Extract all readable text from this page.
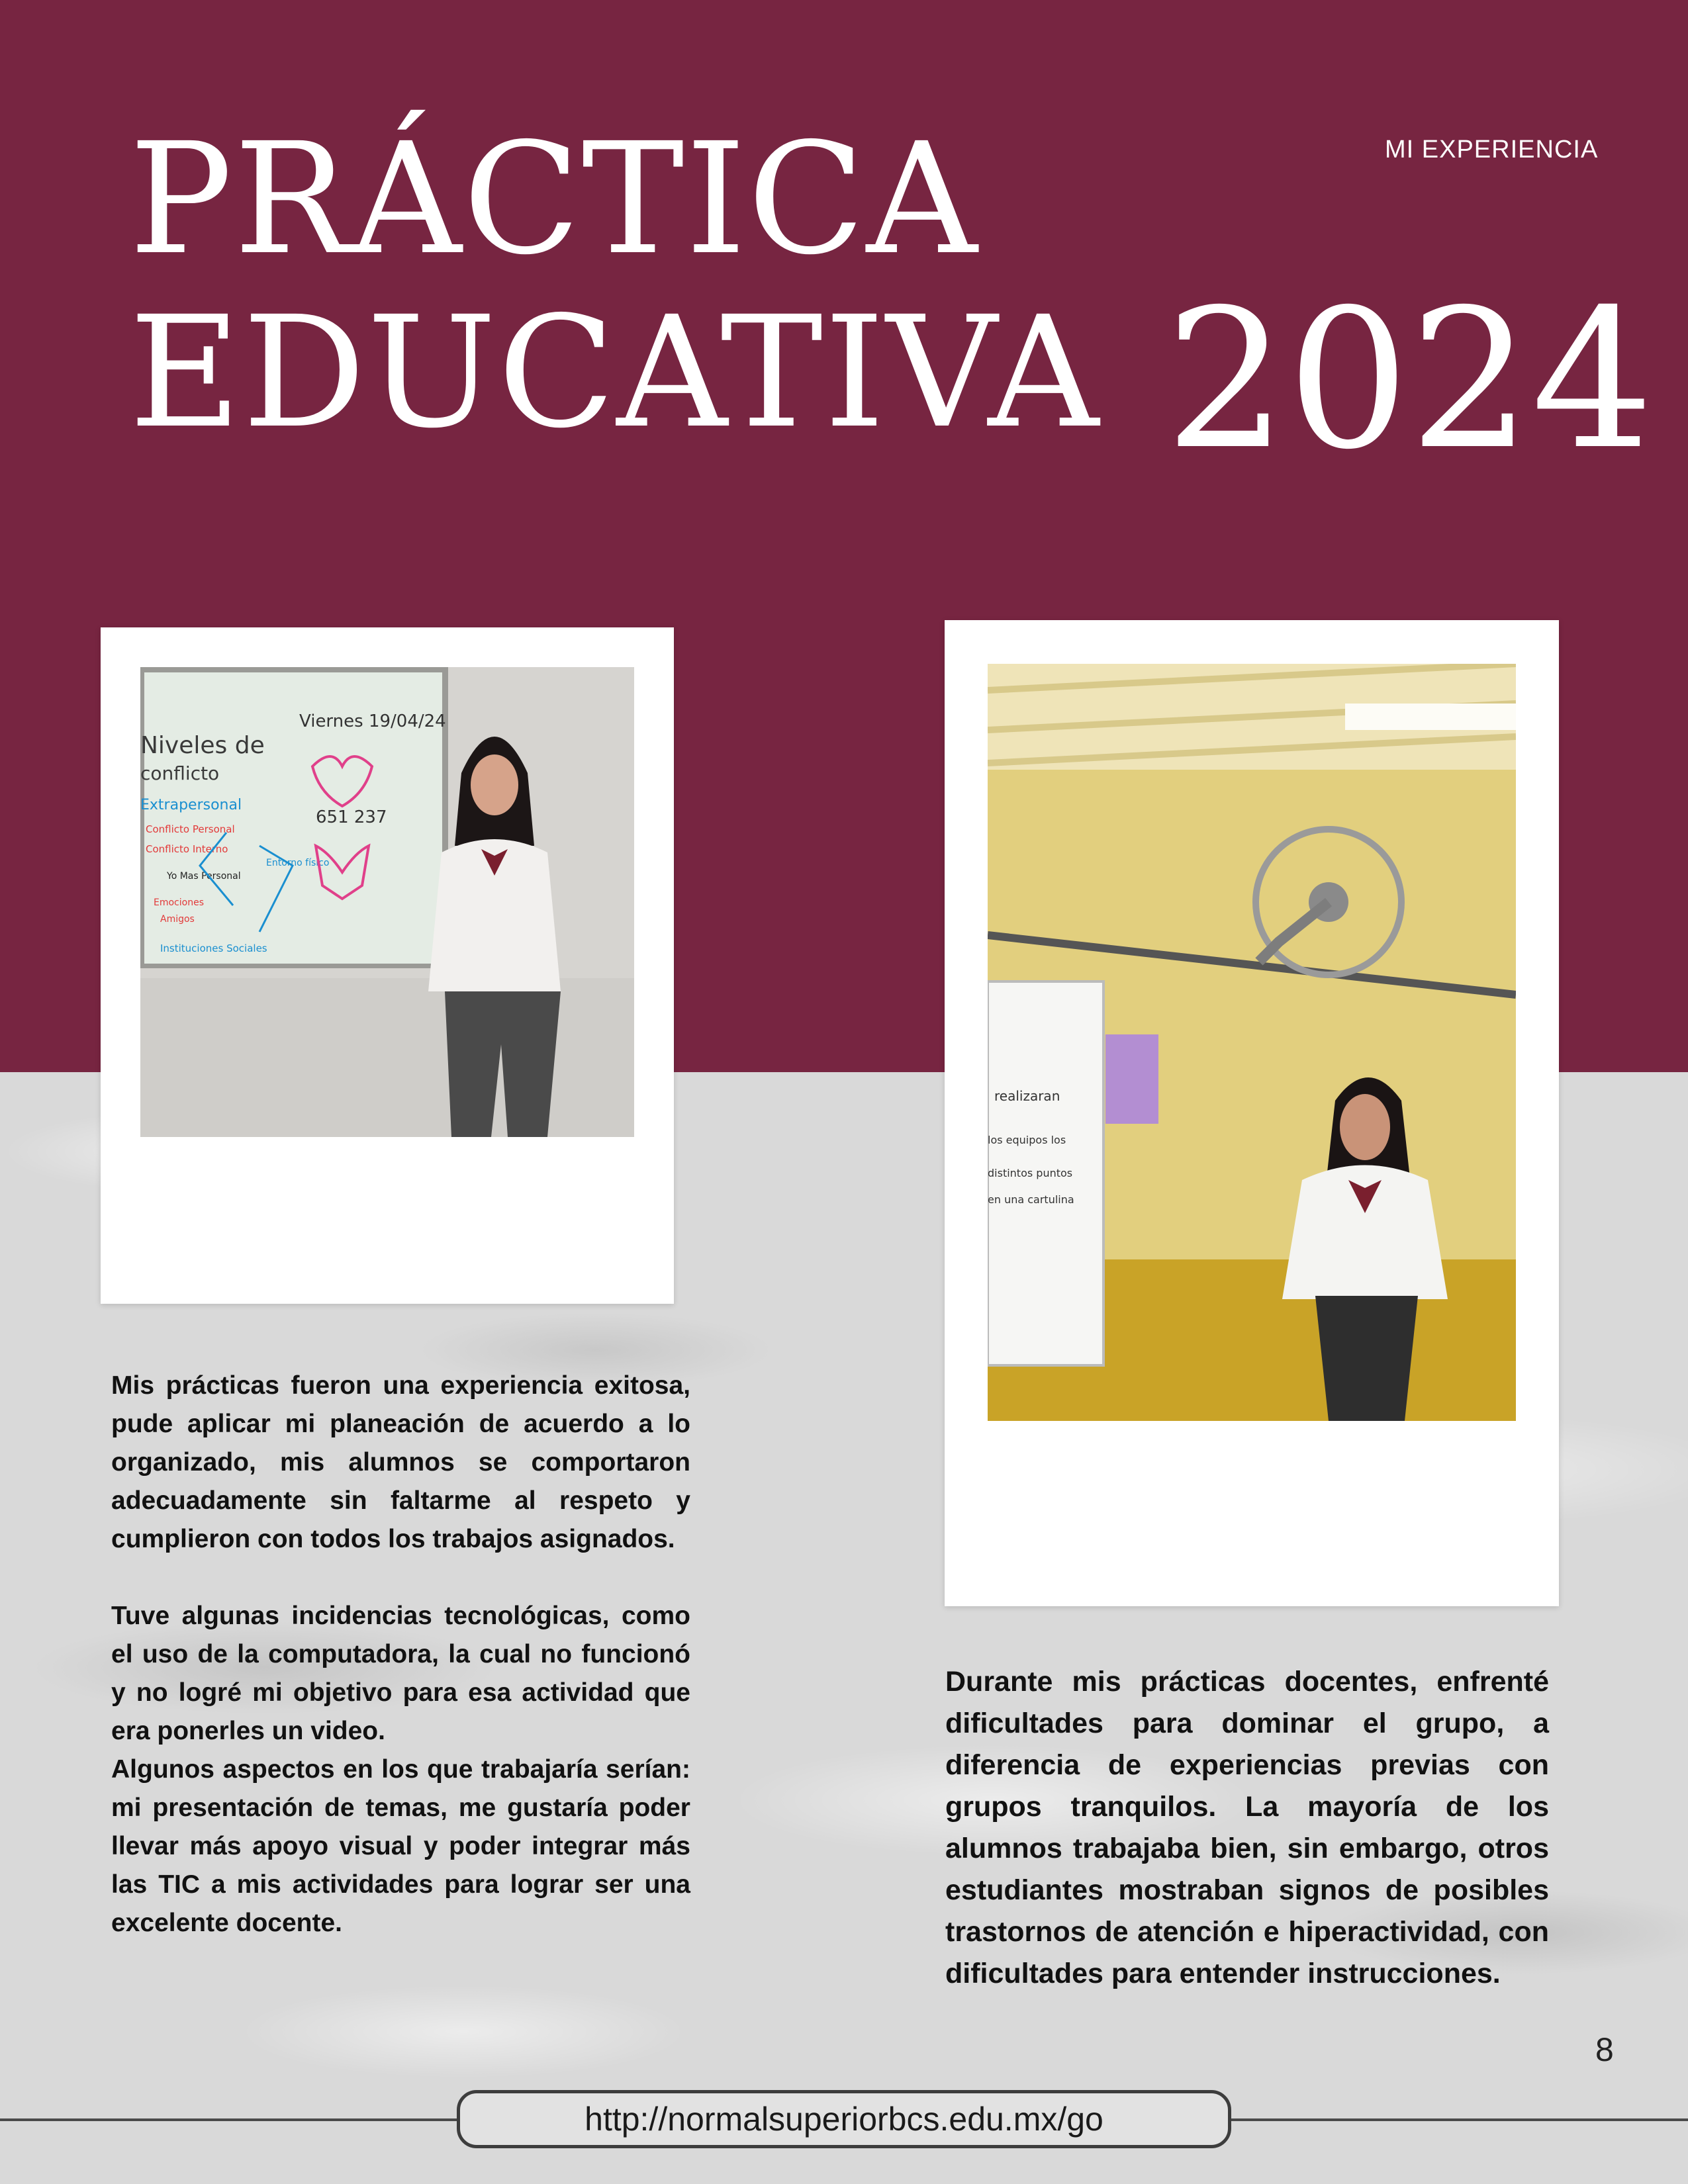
MI EXPERIENCIA
PRÁCTICA
EDUCATIVA 2024
Viernes 19/04/24
Niveles de
conflicto
Extrapersonal
Conflicto Personal
Conflicto Interno
Yo Mas Personal
Entorno físico
Emociones
Amigos
Instituciones Sociales
651 237
realizaran
los equipos los
distintos puntos
en una cartulina

Mis prácticas fueron una experiencia exitosa, pude aplicar mi planeación de acuerdo a lo organizado, mis alumnos se comportaron adecuadamente sin faltarme al respeto y cumplieron con todos los trabajos asignados.

Tuve algunas incidencias tecnológicas, como el uso de la computadora, la cual no funcionó y no logré mi objetivo para esa actividad que era ponerles un video.

Algunos aspectos en los que trabajaría serían: mi presentación de temas, me gustaría poder llevar más apoyo visual y poder integrar más las TIC a mis actividades para lograr ser una excelente docente.

Durante mis prácticas docentes, enfrenté dificultades para dominar el grupo, a diferencia de experiencias previas con grupos tranquilos. La mayoría de los alumnos trabajaba bien, sin embargo, otros estudiantes mostraban signos de posibles trastornos de atención e hiperactividad, con dificultades para entender instrucciones.

8
http://normalsuperiorbcs.edu.mx/go
